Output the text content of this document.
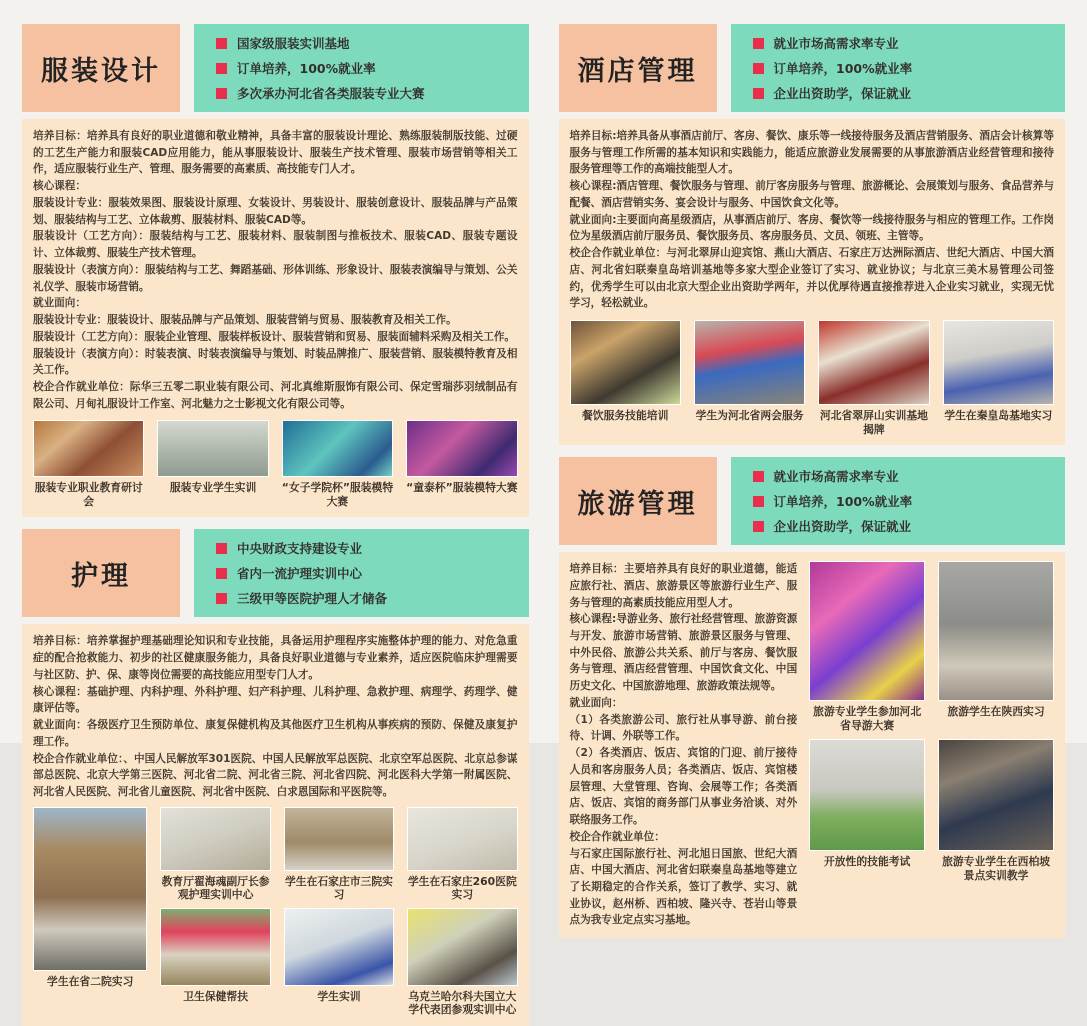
服装设计
国家级服装实训基地
订单培养，100%就业率
多次承办河北省各类服装专业大赛

培养目标：培养具有良好的职业道德和敬业精神，具备丰富的服装设计理论、熟练服装制版技能、过硬的工艺生产能力和服装CAD应用能力，能从事服装设计、服装生产技术管理、服装市场营销等相关工作，适应服装行业生产、管理、服务需要的高素质、高技能专门人才。

核心课程：

服装设计专业：服装效果图、服装设计原理、女装设计、男装设计、服装创意设计、服装品牌与产品策划、服装结构与工艺、立体裁剪、服装材料、服装CAD等。

服装设计（工艺方向）：服装结构与工艺、服装材料、服装制图与推板技术、服装CAD、服装专题设计、立体裁剪、服装生产技术管理。

服装设计（表演方向）：服装结构与工艺、舞蹈基础、形体训练、形象设计、服装表演编导与策划、公关礼仪学、服装市场营销。

就业面向：

服装设计专业：服装设计、服装品牌与产品策划、服装营销与贸易、服装教育及相关工作。

服装设计（工艺方向）：服装企业管理、服装样板设计、服装营销和贸易、服装面辅料采购及相关工作。

服装设计（表演方向）：时装表演、时装表演编导与策划、时装品牌推广、服装营销、服装模特教育及相关工作。

校企合作就业单位：际华三五零二职业装有限公司、河北真维斯服饰有限公司、保定雪瑞莎羽绒制品有限公司、月甸礼服设计工作室、河北魅力之士影视文化有限公司等。

服装专业职业教育研讨会
服装专业学生实训	“女子学院杯”服装模特大赛
“童泰杯”服装模特大赛
护理
中央财政支持建设专业
省内一流护理实训中心
三级甲等医院护理人才储备

培养目标：培养掌握护理基础理论知识和专业技能，具备运用护理程序实施整体护理的能力、对危急重症的配合抢救能力、初步的社区健康服务能力，具备良好职业道德与专业素养，适应医院临床护理需要与社区防、护、保、康等岗位需要的高技能应用型专门人才。

核心课程：基础护理、内科护理、外科护理、妇产科护理、儿科护理、急救护理、病理学、药理学、健康评估等。

就业面向：各级医疗卫生预防单位、康复保健机构及其他医疗卫生机构从事疾病的预防、保健及康复护理工作。

校企合作就业单位：、中国人民解放军301医院、中国人民解放军总医院、北京空军总医院、北京总参谋部总医院、北京大学第三医院、河北省二院、河北省三院、河北省四院、河北医科大学第一附属医院、河北省人民医院、河北省儿童医院、河北省中医院、白求恩国际和平医院等。

学生在省二院实习
教育厅翟海魂副厅长参观护理实训中心
学生在石家庄市三院实习
学生在石家庄260医院实习
卫生保健帮扶	学生实训	乌克兰哈尔科夫国立大学代表团参观实训中心
酒店管理
就业市场高需求率专业
订单培养，100%就业率
企业出资助学，保证就业

培养目标:培养具备从事酒店前厅、客房、餐饮、康乐等一线接待服务及酒店营销服务、酒店会计核算等服务与管理工作所需的基本知识和实践能力，能适应旅游业发展需要的从事旅游酒店业经营管理和接待服务管理等工作的高端技能型人才。

核心课程:酒店管理、餐饮服务与管理、前厅客房服务与管理、旅游概论、会展策划与服务、食品营养与配餐、酒店营销实务、宴会设计与服务、中国饮食文化等。

就业面向:主要面向高星级酒店，从事酒店前厅、客房、餐饮等一线接待服务与相应的管理工作。工作岗位为星级酒店前厅服务员、餐饮服务员、客房服务员、文员、领班、主管等。

校企合作就业单位：与河北翠屏山迎宾馆、燕山大酒店、石家庄万达洲际酒店、世纪大酒店、中国大酒店、河北省妇联秦皇岛培训基地等多家大型企业签订了实习、就业协议；与北京三美木易管理公司签约，优秀学生可以由北京大型企业出资助学两年，并以优厚待遇直接推荐进入企业实习就业，实现无忧学习，轻松就业。

餐饮服务技能培训	学生为河北省两会服务 河北省翠屏山实训基地揭牌
学生在秦皇岛基地实习
旅游管理
就业市场高需求率专业
订单培养，100%就业率
企业出资助学，保证就业

培养目标：主要培养具有良好的职业道德，能适应旅行社、酒店、旅游景区等旅游行业生产、服务与管理的高素质技能应用型人才。

核心课程:导游业务、旅行社经营管理、旅游资源与开发、旅游市场营销、旅游景区服务与管理、中外民俗、旅游公共关系、前厅与客房、餐饮服务与管理、酒店经营管理、中国饮食文化、中国历史文化、中国旅游地理、旅游政策法规等。

就业面向：

（1）各类旅游公司、旅行社从事导游、前台接待、计调、外联等工作。

（2）各类酒店、饭店、宾馆的门迎、前厅接待人员和客房服务人员；各类酒店、饭店、宾馆楼层管理、大堂管理、咨询、会展等工作；各类酒店、饭店、宾馆的商务部门从事业务洽谈、对外联络服务工作。

校企合作就业单位：

与石家庄国际旅行社、河北旭日国旅、世纪大酒店、中国大酒店、河北省妇联秦皇岛基地等建立了长期稳定的合作关系，签订了教学、实习、就业协议，赵州桥、西柏坡、隆兴寺、苍岩山等景点为我专业定点实习基地。

旅游专业学生参加河北省导游大赛
旅游学生在陕西实习
开放性的技能考试	旅游专业学生在西柏坡景点实训教学
